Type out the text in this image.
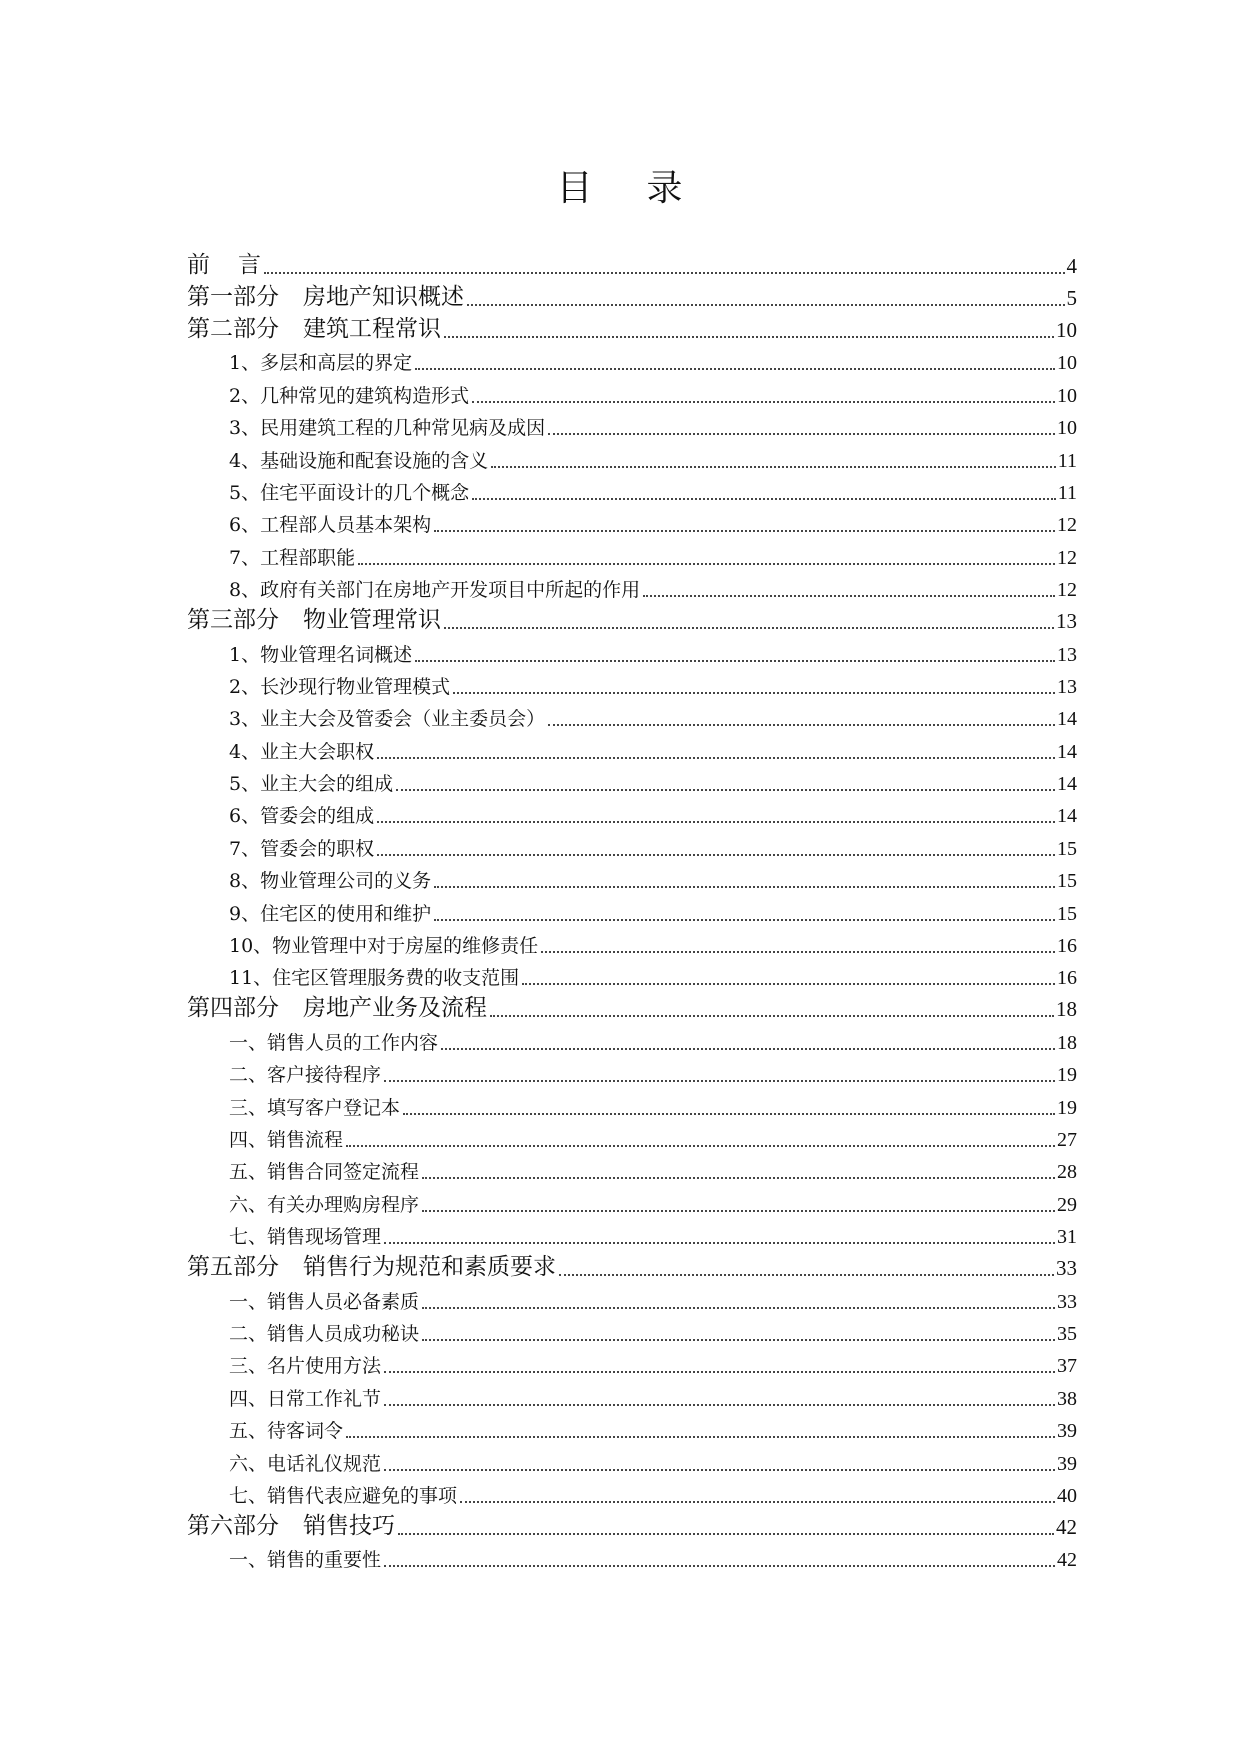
目 录
前 言	4
第一部分 房地产知识概述	5
第二部分 建筑工程常识	10
1、多层和高层的界定	10
2、几种常见的建筑构造形式	10
3、民用建筑工程的几种常见病及成因	10
4、基础设施和配套设施的含义	11
5、住宅平面设计的几个概念	11
6、工程部人员基本架构	12
7、工程部职能	12
8、政府有关部门在房地产开发项目中所起的作用	12
第三部分 物业管理常识	13
1、物业管理名词概述	13
2、长沙现行物业管理模式	13
3、业主大会及管委会（业主委员会）	14
4、业主大会职权	14
5、业主大会的组成	14
6、管委会的组成	14
7、管委会的职权	15
8、物业管理公司的义务	15
9、住宅区的使用和维护	15
10、物业管理中对于房屋的维修责任	16
11、住宅区管理服务费的收支范围	16
第四部分 房地产业务及流程	18
一、销售人员的工作内容	18
二、客户接待程序	19
三、填写客户登记本	19
四、销售流程	27
五、销售合同签定流程	28
六、有关办理购房程序	29
七、销售现场管理	31
第五部分 销售行为规范和素质要求	33
一、销售人员必备素质	33
二、销售人员成功秘诀	35
三、名片使用方法	37
四、日常工作礼节	38
五、待客词令	39
六、电话礼仪规范	39
七、销售代表应避免的事项	40
第六部分 销售技巧	42
一、销售的重要性	42
